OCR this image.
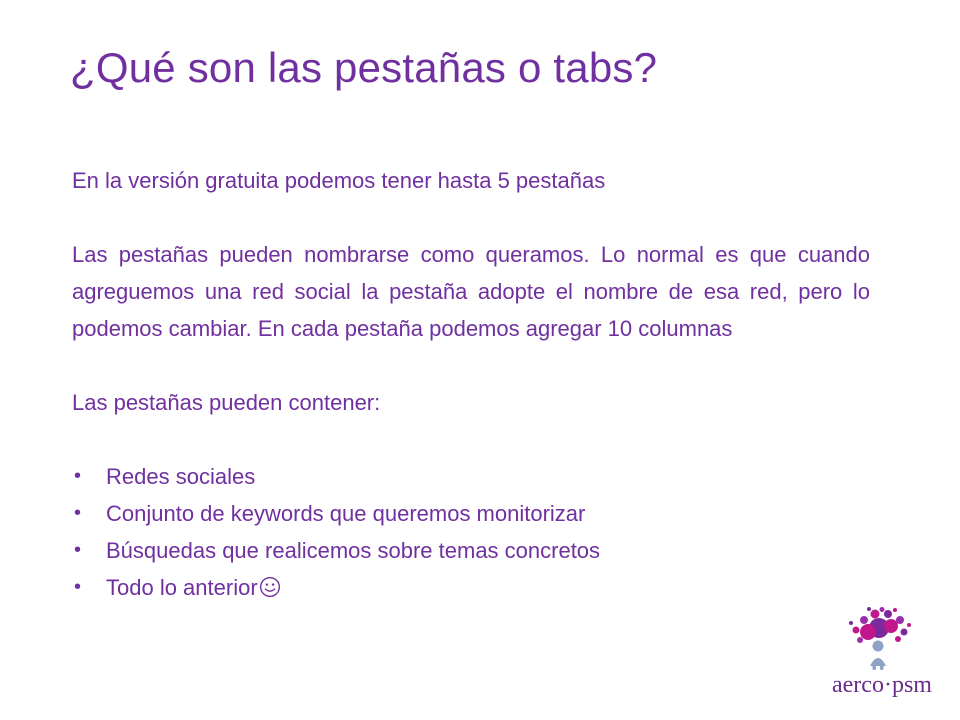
¿Qué son las pestañas o tabs?

En la versión gratuita podemos tener hasta 5 pestañas

Las pestañas pueden nombrarse como queramos. Lo normal es que cuando agreguemos una red social la pestaña adopte el nombre de esa red, pero lo podemos cambiar. En cada pestaña podemos agregar 10 columnas

Las pestañas pueden contener:

• Redes sociales
• Conjunto de keywords que queremos monitorizar
• Búsquedas que realicemos sobre temas concretos
• Todo lo anterior
aerco·psm
